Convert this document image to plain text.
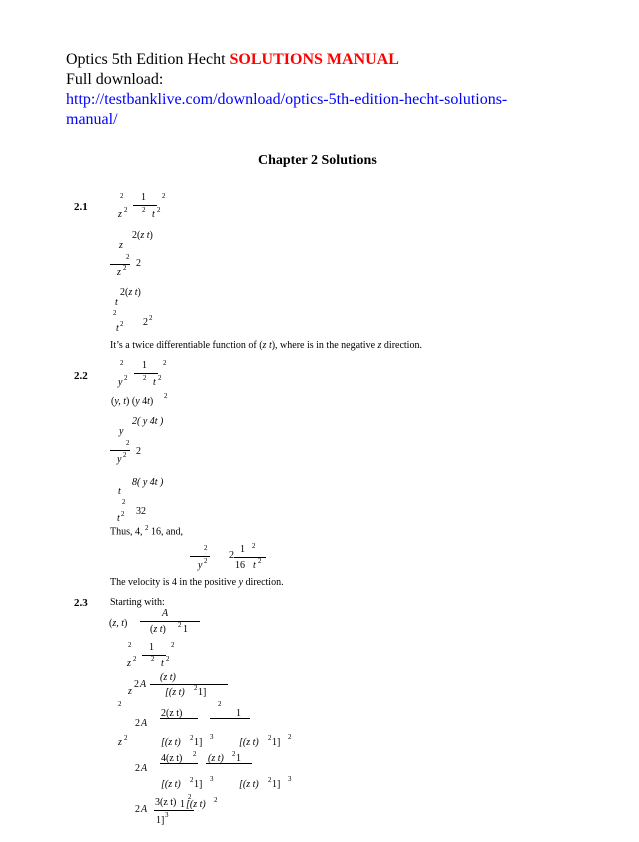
Optics 5th Edition Hecht SOLUTIONS MANUAL
Full download:
http://testbanklive.com/download/optics-5th-edition-hecht-solutions-
manual/
Chapter 2 Solutions
2.1
2 1 2
z 2 2 t 2
2(z t)
z
2
z 2 2
2(z t)
t
2
t 2 2 2
It’s a twice differentiable function of (z t), where is in the negative z direction.
2.2
2 1 2
y 2 2 t 2
(y, t) (y 4t) 2
2( y 4t )
y
2
y 2 2
8( y 4t )
t
2
t 2 32
Thus, 4, $^2$ 16, and,
2
y 2 2
1 2
16 t 2
The velocity is 4 in the positive y direction.
2.3 Starting with:
(z, t)
A
(z t) 2 1
2 1 2
z 2 2 t 2
z
2 A
(z t)
[(z t) 2 1]
2	2
2(z t)	1
2 A
z 2	[(z t) 2 1] 3	[(z t) 2 1] 2
4(z t) 2 (z t) 2 1
2 A
[(z t) 2 1] 3	[(z t) 2 1] 3
2 A
3(z t) 2
1 [(z t) 2
1] 3
